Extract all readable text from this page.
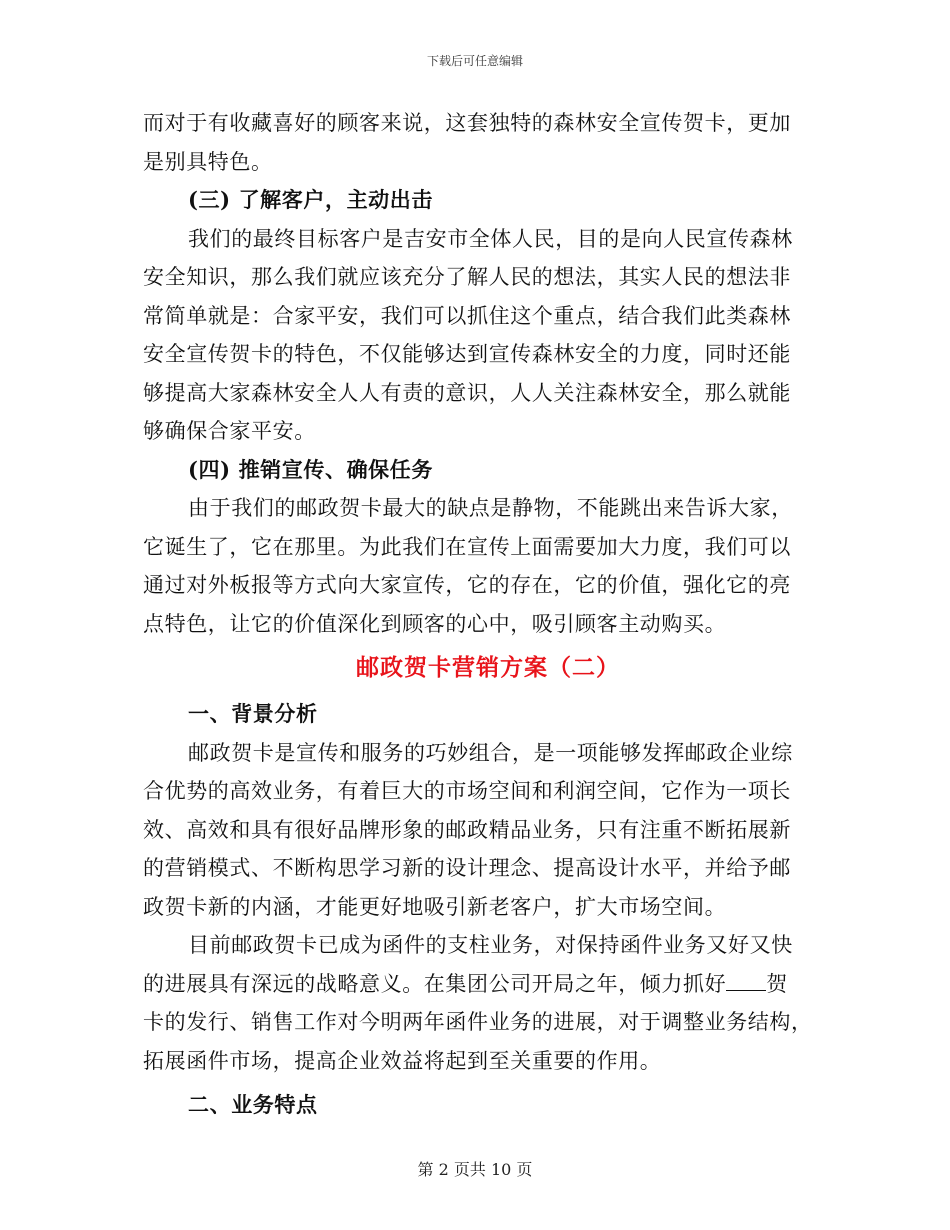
下载后可任意编辑
而对于有收藏喜好的顾客来说，这套独特的森林安全宣传贺卡，更加
是别具特色。
(三) 了解客户，主动出击
我们的最终目标客户是吉安市全体人民，目的是向人民宣传森林
安全知识，那么我们就应该充分了解人民的想法，其实人民的想法非
常简单就是：合家平安，我们可以抓住这个重点，结合我们此类森林
安全宣传贺卡的特色，不仅能够达到宣传森林安全的力度，同时还能
够提高大家森林安全人人有责的意识，人人关注森林安全，那么就能
够确保合家平安。
(四) 推销宣传、确保任务
由于我们的邮政贺卡最大的缺点是静物，不能跳出来告诉大家，
它诞生了，它在那里。为此我们在宣传上面需要加大力度，我们可以
通过对外板报等方式向大家宣传，它的存在，它的价值，强化它的亮
点特色，让它的价值深化到顾客的心中，吸引顾客主动购买。
邮政贺卡营销方案（二）
一、背景分析
邮政贺卡是宣传和服务的巧妙组合，是一项能够发挥邮政企业综
合优势的高效业务，有着巨大的市场空间和利润空间，它作为一项长
效、高效和具有很好品牌形象的邮政精品业务，只有注重不断拓展新
的营销模式、不断构思学习新的设计理念、提高设计水平，并给予邮
政贺卡新的内涵，才能更好地吸引新老客户，扩大市场空间。
目前邮政贺卡已成为函件的支柱业务，对保持函件业务又好又快
的进展具有深远的战略意义。在集团公司开局之年，倾力抓好 贺
卡的发行、销售工作对今明两年函件业务的进展，对于调整业务结构，
拓展函件市场，提高企业效益将起到至关重要的作用。
二、业务特点
第 2 页共 10 页
